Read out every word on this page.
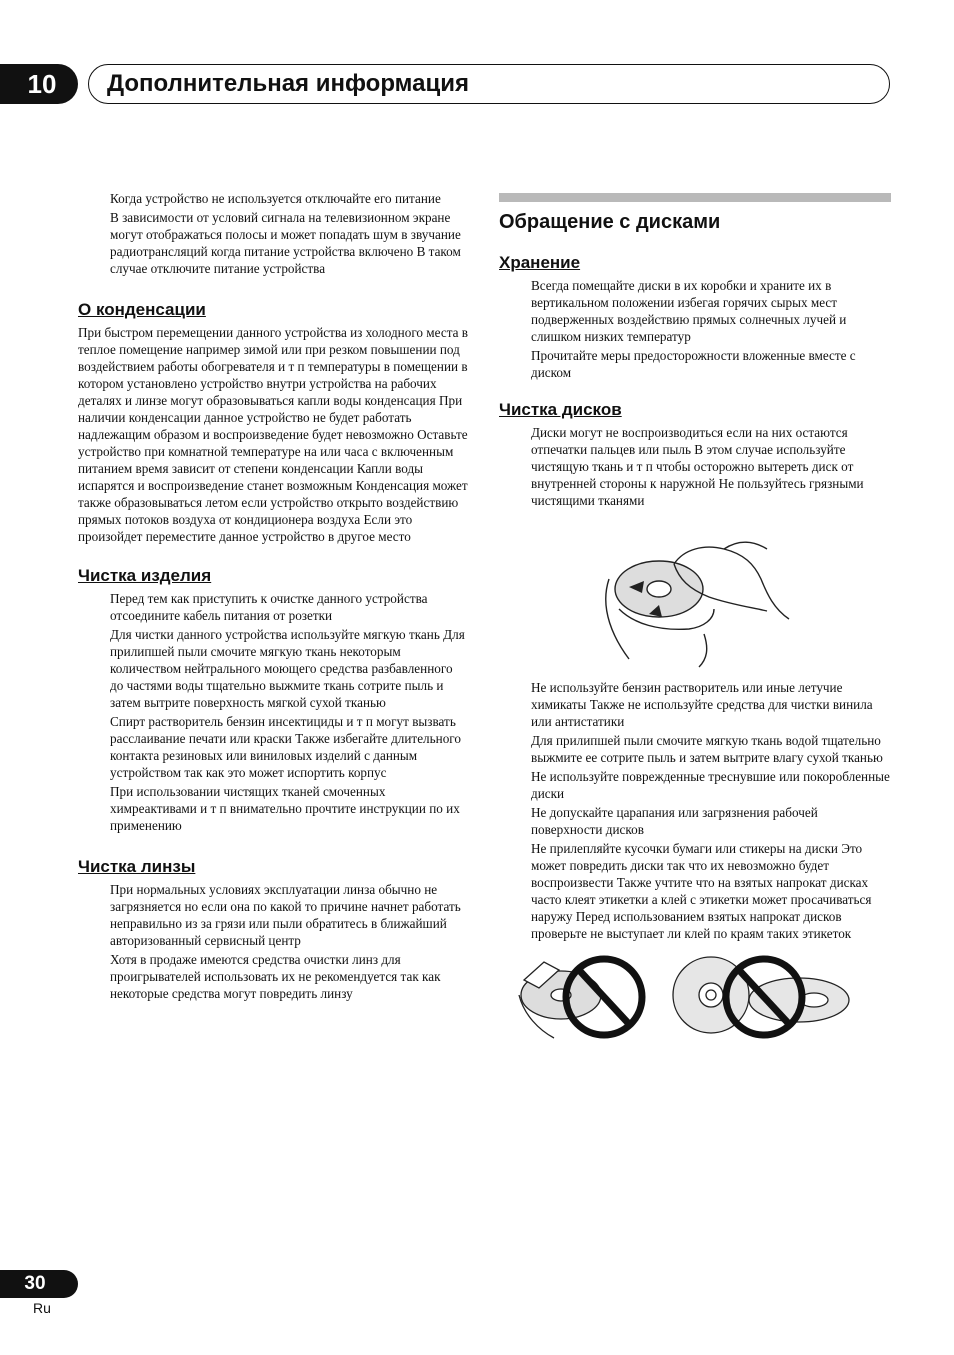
10 Дополнительная информация
Когда устройство не используется отключайте его питание
В зависимости от условий сигнала на телевизионном экране могут отображаться полосы и может попадать шум в звучание радиотрансляций когда питание устройства включено В таком случае отключите питание устройства
О конденсации

При быстром перемещении данного устройства из холодного места в теплое помещение например зимой или при резком повышении под воздействием работы обогревателя и т п температуры в помещении в котором установлено устройство внутри устройства на рабочих деталях и линзе могут образовываться капли воды конденсация При наличии конденсации данное устройство не будет работать надлежащим образом и воспроизведение будет невозможно Оставьте устройство при комнатной температуре на или часа с включенным питанием время зависит от степени конденсации Капли воды испарятся и воспроизведение станет возможным Конденсация может также образовываться летом если устройство открыто воздействию прямых потоков воздуха от кондиционера воздуха Если это произойдет переместите данное устройство в другое место

Чистка изделия
Перед тем как приступить к очистке данного устройства отсоедините кабель питания от розетки
Для чистки данного устройства используйте мягкую ткань Для прилипшей пыли смочите мягкую ткань некоторым количеством нейтрального моющего средства разбавленного до частями воды тщательно выжмите ткань сотрите пыль и затем вытрите поверхность мягкой сухой тканью
Спирт растворитель бензин инсектициды и т п могут вызвать расслаивание печати или краски Также избегайте длительного контакта резиновых или виниловых изделий с данным устройством так как это может испортить корпус
При использовании чистящих тканей смоченных химреактивами и т п внимательно прочтите инструкции по их применению
Чистка линзы
При нормальных условиях эксплуатации линза обычно не загрязняется но если она по какой то причине начнет работать неправильно из за грязи или пыли обратитесь в ближайший авторизованный сервисный центр
Хотя в продаже имеются средства очистки линз для проигрывателей использовать их не рекомендуется так как некоторые средства могут повредить линзу
Обращение с дисками
Хранение
Всегда помещайте диски в их коробки и храните их в вертикальном положении избегая горячих сырых мест подверженных воздействию прямых солнечных лучей и слишком низких температур
Прочитайте меры предосторожности вложенные вместе с диском
Чистка дисков
Диски могут не воспроизводиться если на них остаются отпечатки пальцев или пыль В этом случае используйте чистящую ткань и т п чтобы осторожно вытереть диск от внутренней стороны к наружной Не пользуйтесь грязными чистящими тканями
Не используйте бензин растворитель или иные летучие химикаты Также не используйте средства для чистки винила или антистатики
Для прилипшей пыли смочите мягкую ткань водой тщательно выжмите ее сотрите пыль и затем вытрите влагу сухой тканью
Не используйте поврежденные треснувшие или покоробленные диски
Не допускайте царапания или загрязнения рабочей поверхности дисков
Не прилепляйте кусочки бумаги или стикеры на диски Это может повредить диски так что их невозможно будет воспроизвести Также учтите что на взятых напрокат дисках часто клеят этикетки а клей с этикетки может просачиваться наружу Перед использованием взятых напрокат дисков проверьте не выступает ли клей по краям таких этикеток
30
Ru
